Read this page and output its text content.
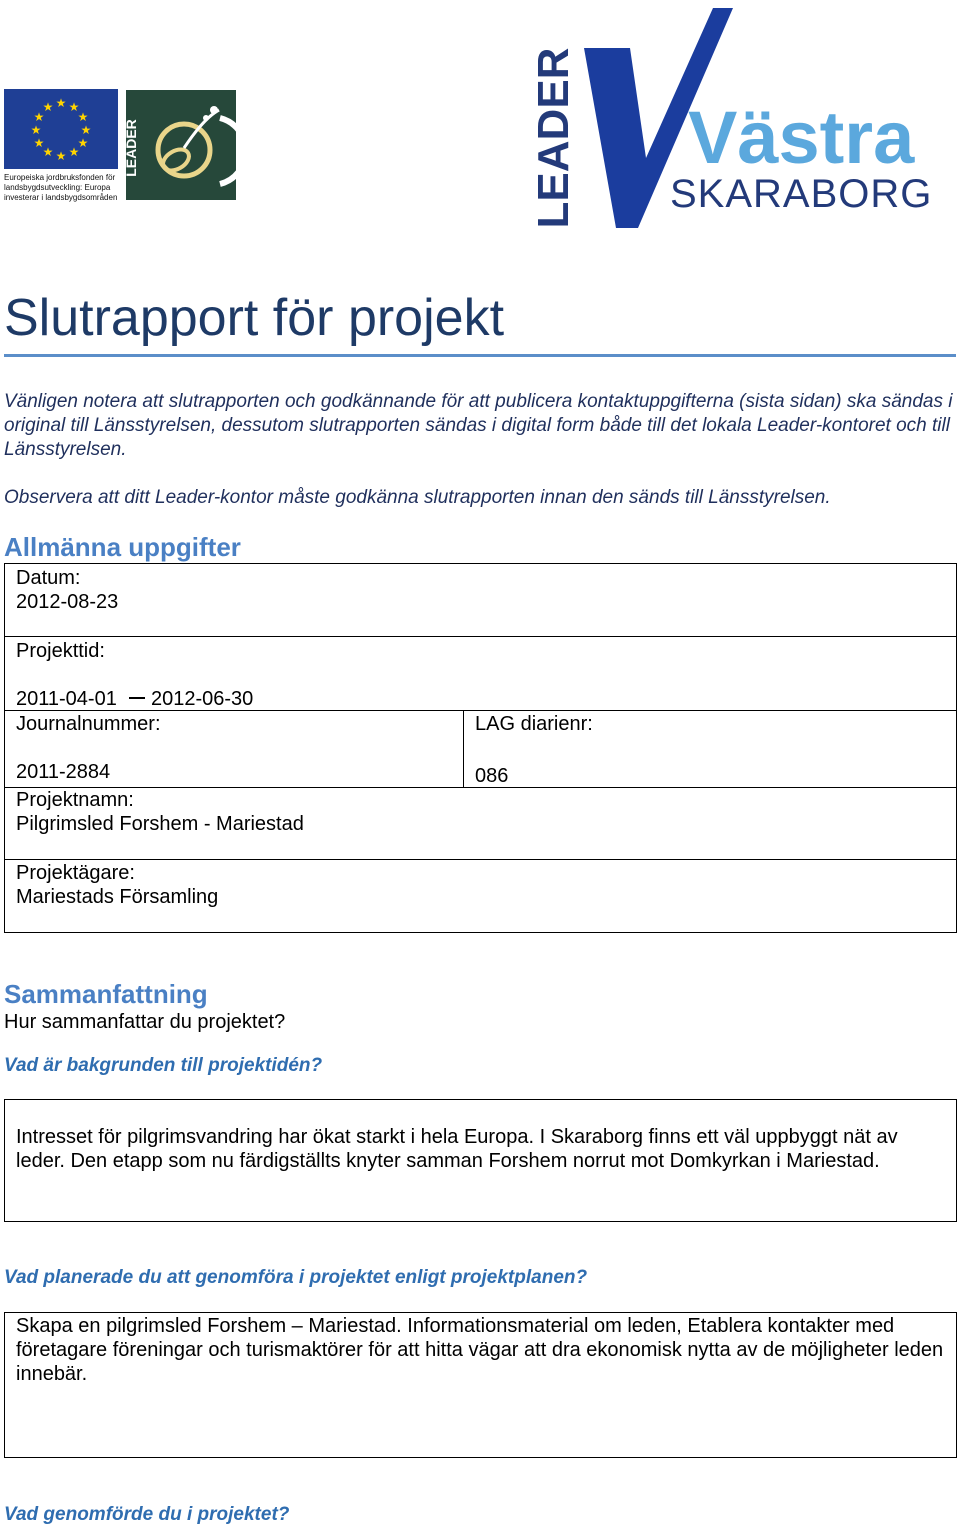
★ ★
★
★
★
★
★
★
★
★
★
★
Europeiska jordbruksfonden för
landsbygdsutveckling: Europa
investerar i landsbygdsområden
LEADER	LEADER Västra
SKARABORG
Slutrapport för projekt

Vänligen notera att slutrapporten och godkännande för att publicera kontaktuppgifterna (sista sidan) ska sändas i original till Länsstyrelsen, dessutom slutrapporten sändas i digital form både till det lokala Leader-kontoret och till Länsstyrelsen.

Observera att ditt Leader-kontor måste godkänna slutrapporten innan den sänds till Länsstyrelsen.

Allmänna uppgifter
Datum:
2012-08-23
Projekttid:
2011-04-01 2012-06-30
Journalnummer:
2011-2884
LAG diarienr:
086
Projektnamn:
Pilgrimsled Forshem - Mariestad
Projektägare:
Mariestads Församling
Sammanfattning
Hur sammanfattar du projektet?

Vad är bakgrunden till projektidén?

Intresset för pilgrimsvandring har ökat starkt i hela Europa. I Skaraborg finns ett väl uppbyggt nät av leder. Den etapp som nu färdigställts knyter samman Forshem norrut mot Domkyrkan i Mariestad.

Vad planerade du att genomföra i projektet enligt projektplanen?

Skapa en pilgrimsled Forshem – Mariestad. Informationsmaterial om leden, Etablera kontakter med företagare föreningar och turismaktörer för att hitta vägar att dra ekonomisk nytta av de möjligheter leden innebär.

Vad genomförde du i projektet?
